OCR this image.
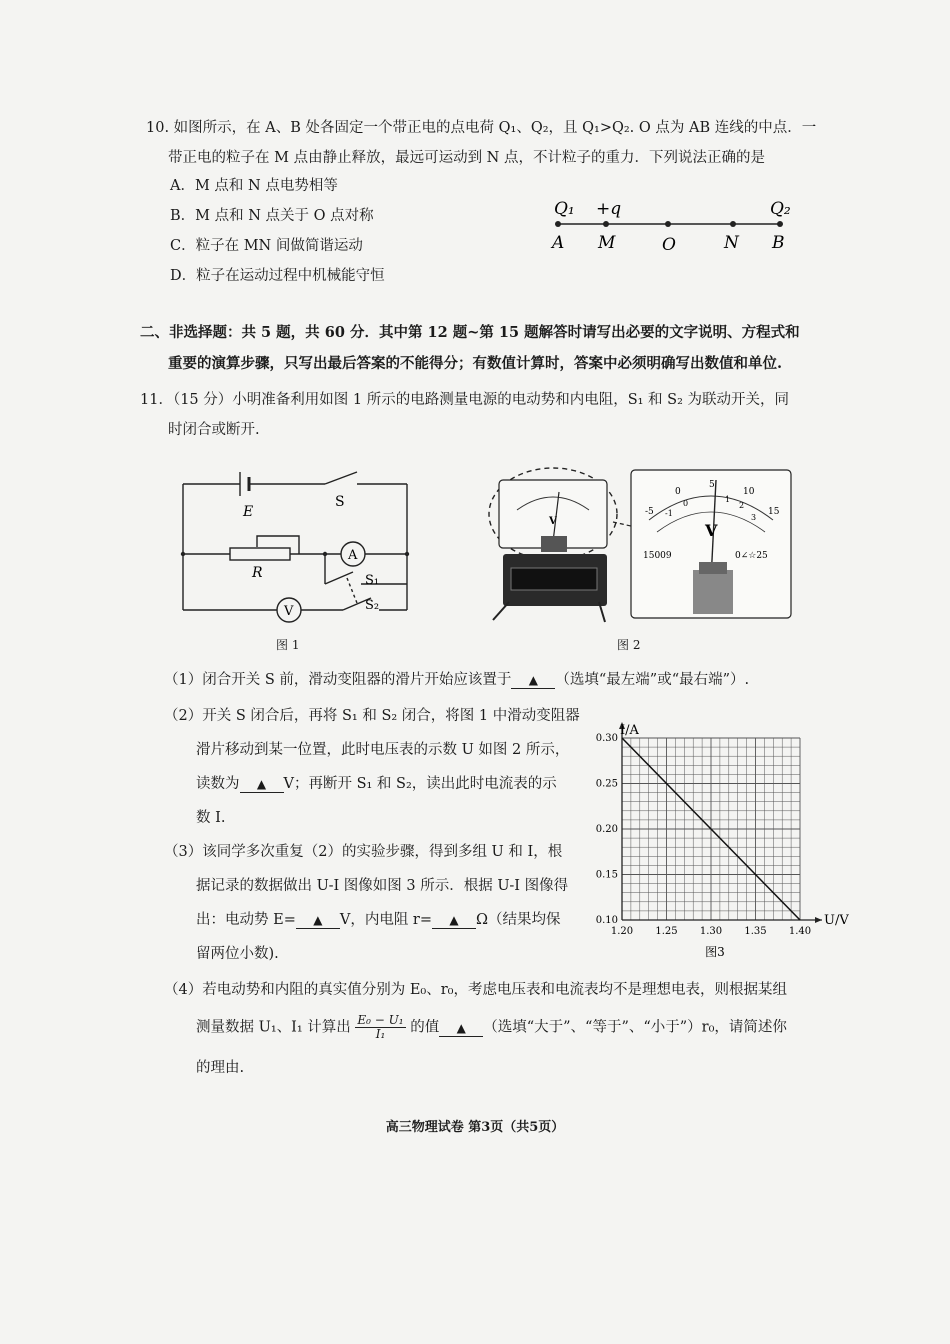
10. 如图所示，在 A、B 处各固定一个带正电的点电荷 Q₁、Q₂，且 Q₁>Q₂. O 点为 AB 连线的中点．一
带正电的粒子在 M 点由静止释放，最远可运动到 N 点，不计粒子的重力．下列说法正确的是
A．M 点和 N 点电势相等
B．M 点和 N 点关于 O 点对称
C．粒子在 MN 间做简谐运动
D．粒子在运动过程中机械能守恒
Q₁ +q	Q₂
A M	O	N B
二、非选择题：共 5 题，共 60 分．其中第 12 题~第 15 题解答时请写出必要的文字说明、方程式和
重要的演算步骤，只写出最后答案的不能得分；有数值计算时，答案中必须明确写出数值和单位.
11．（15 分）小明准备利用如图 1 所示的电路测量电源的电动势和内电阻，S₁ 和 S₂ 为联动开关，同
时闭合或断开.
E
S
R
A
V
S₁
S₂
图 1
V
-5
0
5
10
15
-1
0	1
2
3
V
15009	0∠☆25
图 2
（1）闭合开关 S 前，滑动变阻器的滑片开始应该置于 ▲ （选填“最左端”或“最右端”）.
（2）开关 S 闭合后，再将 S₁ 和 S₂ 闭合，将图 1 中滑动变阻器
滑片移动到某一位置，此时电压表的示数 U 如图 2 所示，
读数为 ▲ V；再断开 S₁ 和 S₂，读出此时电流表的示
数 I.
（3）该同学多次重复（2）的实验步骤，得到多组 U 和 I，根
据记录的数据做出 U-I 图像如图 3 所示．根据 U-I 图像得
出：电动势 E= ▲ V，内电阻 r= ▲ Ω（结果均保
留两位小数).
1.20 1.25 1.30 1.35 1.40
0.10
0.15
0.20
0.25
0.30
U/V
I/A
图3
（4）若电动势和内阻的真实值分别为 E₀、r₀，考虑电压表和电流表均不是理想电表，则根据某组
测量数据 U₁、I₁ 计算出 $\frac{\text{E₀ − U₁}}{\text{I₁}}$ 的值 ▲ （选填“大于”、“等于”、“小于”）r₀，请简述你
的理由.
高三物理试卷 第3页（共5页）
